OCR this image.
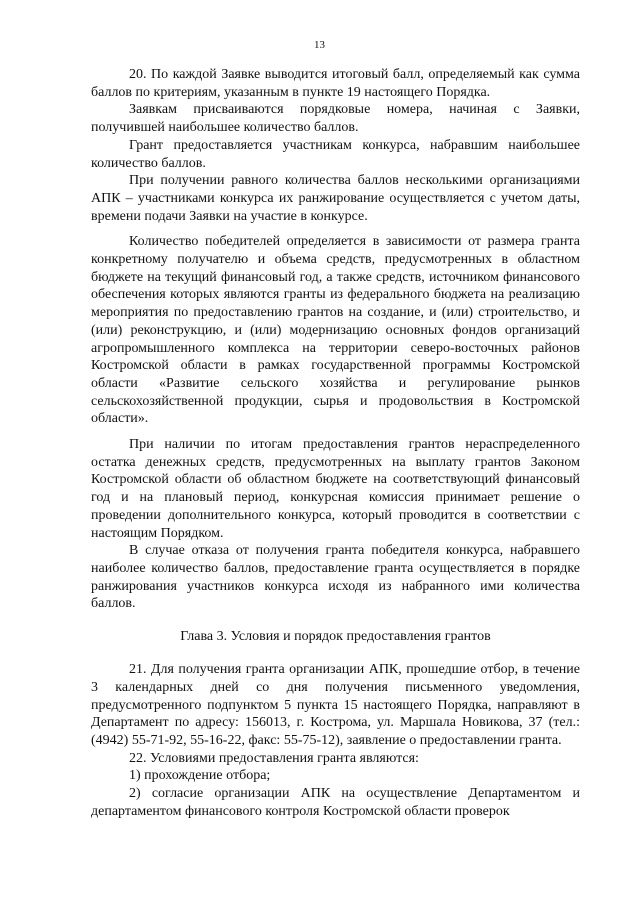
13

20. По каждой Заявке выводится итоговый балл, определяемый как сумма баллов по критериям, указанным в пункте 19 настоящего Порядка.

Заявкам присваиваются порядковые номера, начиная с Заявки, получившей наибольшее количество баллов.

Грант предоставляется участникам конкурса, набравшим наибольшее количество баллов.

При получении равного количества баллов несколькими организациями АПК – участниками конкурса их ранжирование осуществляется с учетом даты, времени подачи Заявки на участие в конкурсе.

Количество победителей определяется в зависимости от размера гранта конкретному получателю и объема средств, предусмотренных в областном бюджете на текущий финансовый год, а также средств, источником финансового обеспечения которых являются гранты из федерального бюджета на реализацию мероприятия по предоставлению грантов на создание, и (или) строительство, и (или) реконструкцию, и (или) модернизацию основных фондов организаций агропромышленного комплекса на территории северо-восточных районов Костромской области в рамках государственной программы Костромской области «Развитие сельского хозяйства и регулирование рынков сельскохозяйственной продукции, сырья и продовольствия в Костромской области».

При наличии по итогам предоставления грантов нераспределенного остатка денежных средств, предусмотренных на выплату грантов Законом Костромской области об областном бюджете на соответствующий финансовый год и на плановый период, конкурсная комиссия принимает решение о проведении дополнительного конкурса, который проводится в соответствии с настоящим Порядком.

В случае отказа от получения гранта победителя конкурса, набравшего наиболее количество баллов, предоставление гранта осуществляется в порядке ранжирования участников конкурса исходя из набранного ими количества баллов.

Глава 3. Условия и порядок предоставления грантов

21. Для получения гранта организации АПК, прошедшие отбор, в течение 3 календарных дней со дня получения письменного уведомления, предусмотренного подпунктом 5 пункта 15 настоящего Порядка, направляют в Департамент по адресу: 156013, г. Кострома, ул. Маршала Новикова, 37 (тел.: (4942) 55-71-92, 55-16-22, факс: 55-75-12), заявление о предоставлении гранта.

22. Условиями предоставления гранта являются:

1) прохождение отбора;

2) согласие организации АПК на осуществление Департаментом и департаментом финансового контроля Костромской области проверок
